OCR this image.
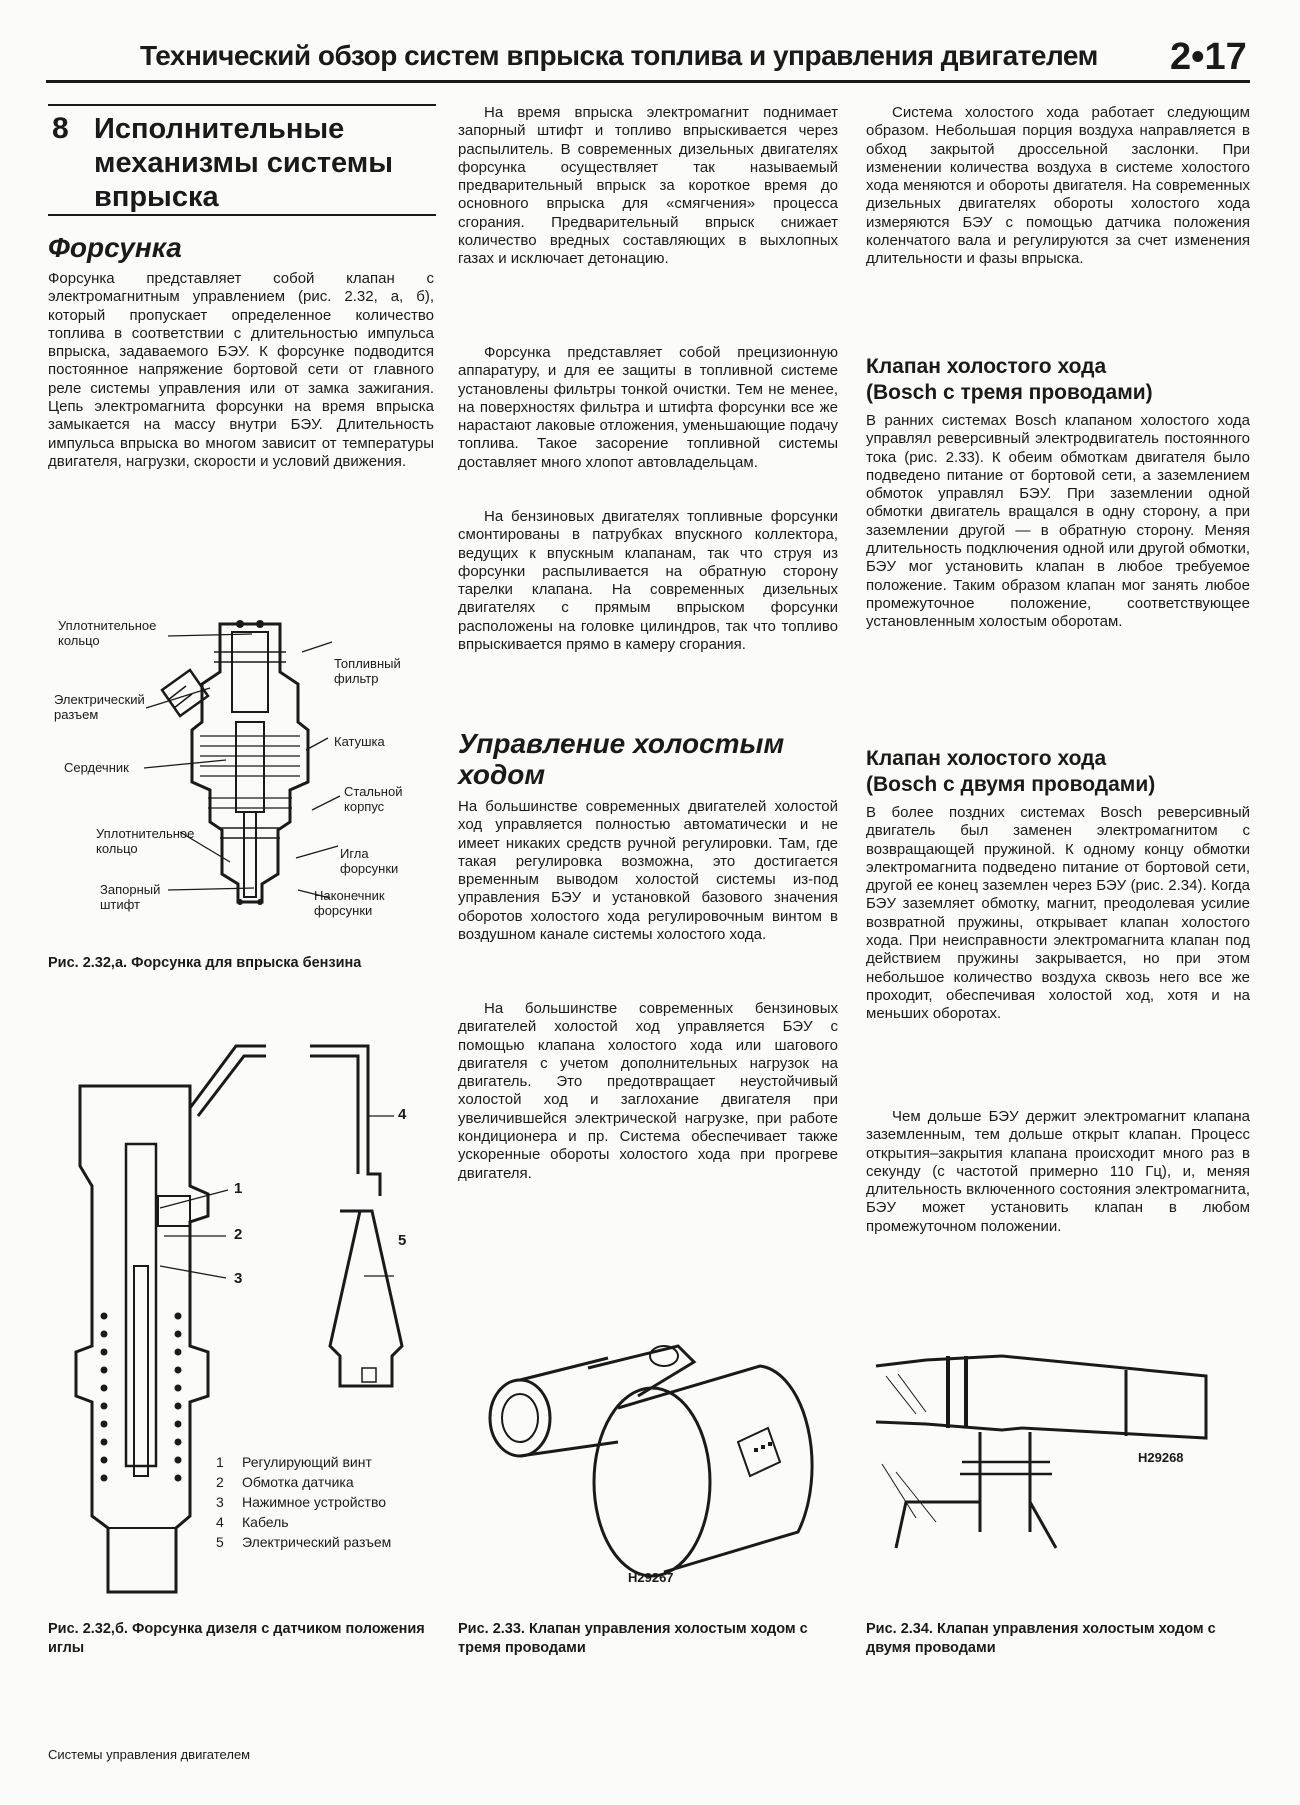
Технический обзор систем впрыска топлива и управления двигателем	2•17
8 Исполнительные механизмы системы впрыска
Форсунка

Форсунка представляет собой клапан с электромагнитным управлением (рис. 2.32, а, б), который пропускает определенное количество топлива в соответствии с длительностью импульса впрыска, задаваемого БЭУ. К форсунке подводится постоянное напряжение бортовой сети от главного реле системы управления или от замка зажигания. Цепь электромагнита форсунки на время впрыска замыкается на массу внутри БЭУ. Длительность импульса впрыска во многом зависит от температуры двигателя, нагрузки, скорости и условий движения.

Уплотнительное кольцо
Электрический разъем
Сердечник
Уплотнительное кольцо
Запорный штифт
Топливный фильтр
Катушка
Стальной корпус
Игла форсунки
Наконечник форсунки
Рис. 2.32,а. Форсунка для впрыска бензина
1
2
3
4
5
1	Регулирующий винт
2	Обмотка датчика
3	Нажимное устройство
4	Кабель
5	Электрический разъем
Рис. 2.32,б. Форсунка дизеля с датчиком положения иглы

На время впрыска электромагнит поднимает запорный штифт и топливо впрыскивается через распылитель. В современных дизельных двигателях форсунка осуществляет так называемый предварительный впрыск за короткое время до основного впрыска для «смягчения» процесса сгорания. Предварительный впрыск снижает количество вредных составляющих в выхлопных газах и исключает детонацию.

Форсунка представляет собой прецизионную аппаратуру, и для ее защиты в топливной системе установлены фильтры тонкой очистки. Тем не менее, на поверхностях фильтра и штифта форсунки все же нарастают лаковые отложения, уменьшающие подачу топлива. Такое засорение топливной системы доставляет много хлопот автовладельцам.

На бензиновых двигателях топливные форсунки смонтированы в патрубках впускного коллектора, ведущих к впускным клапанам, так что струя из форсунки распыливается на обратную сторону тарелки клапана. На современных дизельных двигателях с прямым впрыском форсунки расположены на головке цилиндров, так что топливо впрыскивается прямо в камеру сгорания.

Управление холостым ходом

На большинстве современных двигателей холостой ход управляется полностью автоматически и не имеет никаких средств ручной регулировки. Там, где такая регулировка возможна, это достигается временным выводом холостой системы из-под управления БЭУ и установкой базового значения оборотов холостого хода регулировочным винтом в воздушном канале системы холостого хода.

На большинстве современных бензиновых двигателей холостой ход управляется БЭУ с помощью клапана холостого хода или шагового двигателя с учетом дополнительных нагрузок на двигатель. Это предотвращает неустойчивый холостой ход и заглохание двигателя при увеличившейся электрической нагрузке, при работе кондиционера и пр. Система обеспечивает также ускоренные обороты холостого хода при прогреве двигателя.

H29267
Рис. 2.33. Клапан управления холостым ходом с тремя проводами

Система холостого хода работает следующим образом. Небольшая порция воздуха направляется в обход закрытой дроссельной заслонки. При изменении количества воздуха в системе холостого хода меняются и обороты двигателя. На современных дизельных двигателях обороты холостого хода измеряются БЭУ с помощью датчика положения коленчатого вала и регулируются за счет изменения длительности и фазы впрыска.

Клапан холостого хода
(Bosch с тремя проводами)

В ранних системах Bosch клапаном холостого хода управлял реверсивный электродвигатель постоянного тока (рис. 2.33). К обеим обмоткам двигателя было подведено питание от бортовой сети, а заземлением обмоток управлял БЭУ. При заземлении одной обмотки двигатель вращался в одну сторону, а при заземлении другой — в обратную сторону. Меняя длительность подключения одной или другой обмотки, БЭУ мог установить клапан в любое требуемое положение. Таким образом клапан мог занять любое промежуточное положение, соответствующее установленным холостым оборотам.

Клапан холостого хода
(Bosch с двумя проводами)

В более поздних системах Bosch реверсивный двигатель был заменен электромагнитом с возвращающей пружиной. К одному концу обмотки электромагнита подведено питание от бортовой сети, другой ее конец заземлен через БЭУ (рис. 2.34). Когда БЭУ заземляет обмотку, магнит, преодолевая усилие возвратной пружины, открывает клапан холостого хода. При неисправности электромагнита клапан под действием пружины закрывается, но при этом небольшое количество воздуха сквозь него все же проходит, обеспечивая холостой ход, хотя и на меньших оборотах.

Чем дольше БЭУ держит электромагнит клапана заземленным, тем дольше открыт клапан. Процесс открытия–закрытия клапана происходит много раз в секунду (с частотой примерно 110 Гц), и, меняя длительность включенного состояния электромагнита, БЭУ может установить клапан в любом промежуточном положении.

H29268
Рис. 2.34. Клапан управления холостым ходом с двумя проводами
Системы управления двигателем
